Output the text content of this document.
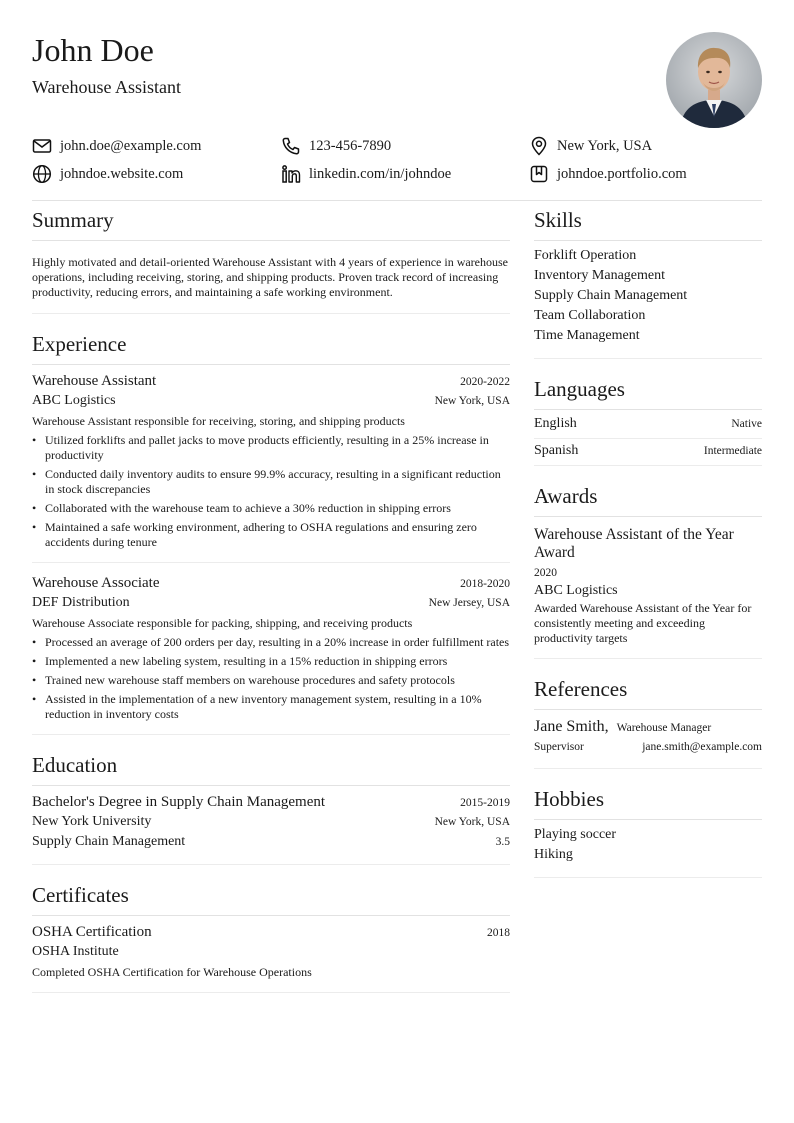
John Doe
Warehouse Assistant
john.doe@example.com	123-456-7890	New York, USA
johndoe.website.com	linkedin.com/in/johndoe	johndoe.portfolio.com
Summary

Highly motivated and detail-oriented Warehouse Assistant with 4 years of experience in warehouse operations, including receiving, storing, and shipping products. Proven track record of increasing productivity, reducing errors, and maintaining a safe working environment.

Experience
Warehouse Assistant	2020-2022
ABC Logistics	New York, USA
Warehouse Assistant responsible for receiving, storing, and shipping products
• Utilized forklifts and pallet jacks to move products efficiently, resulting in a 25% increase in productivity
• Conducted daily inventory audits to ensure 99.9% accuracy, resulting in a significant reduction in stock discrepancies
• Collaborated with the warehouse team to achieve a 30% reduction in shipping errors
• Maintained a safe working environment, adhering to OSHA regulations and ensuring zero accidents during tenure
Warehouse Associate	2018-2020
DEF Distribution	New Jersey, USA
Warehouse Associate responsible for packing, shipping, and receiving products
• Processed an average of 200 orders per day, resulting in a 20% increase in order fulfillment rates
• Implemented a new labeling system, resulting in a 15% reduction in shipping errors
• Trained new warehouse staff members on warehouse procedures and safety protocols
• Assisted in the implementation of a new inventory management system, resulting in a 10% reduction in inventory costs
Education
Bachelor's Degree in Supply Chain Management	2015-2019
New York University	New York, USA
Supply Chain Management	3.5
Certificates
OSHA Certification	2018
OSHA Institute
Completed OSHA Certification for Warehouse Operations
Skills
Forklift Operation
Inventory Management
Supply Chain Management
Team Collaboration
Time Management
Languages
English	Native
Spanish	Intermediate
Awards
Warehouse Assistant of the Year Award
2020
ABC Logistics
Awarded Warehouse Assistant of the Year for consistently meeting and exceeding productivity targets
References
Jane Smith, Warehouse Manager
Supervisor	jane.smith@example.com
Hobbies
Playing soccer
Hiking
